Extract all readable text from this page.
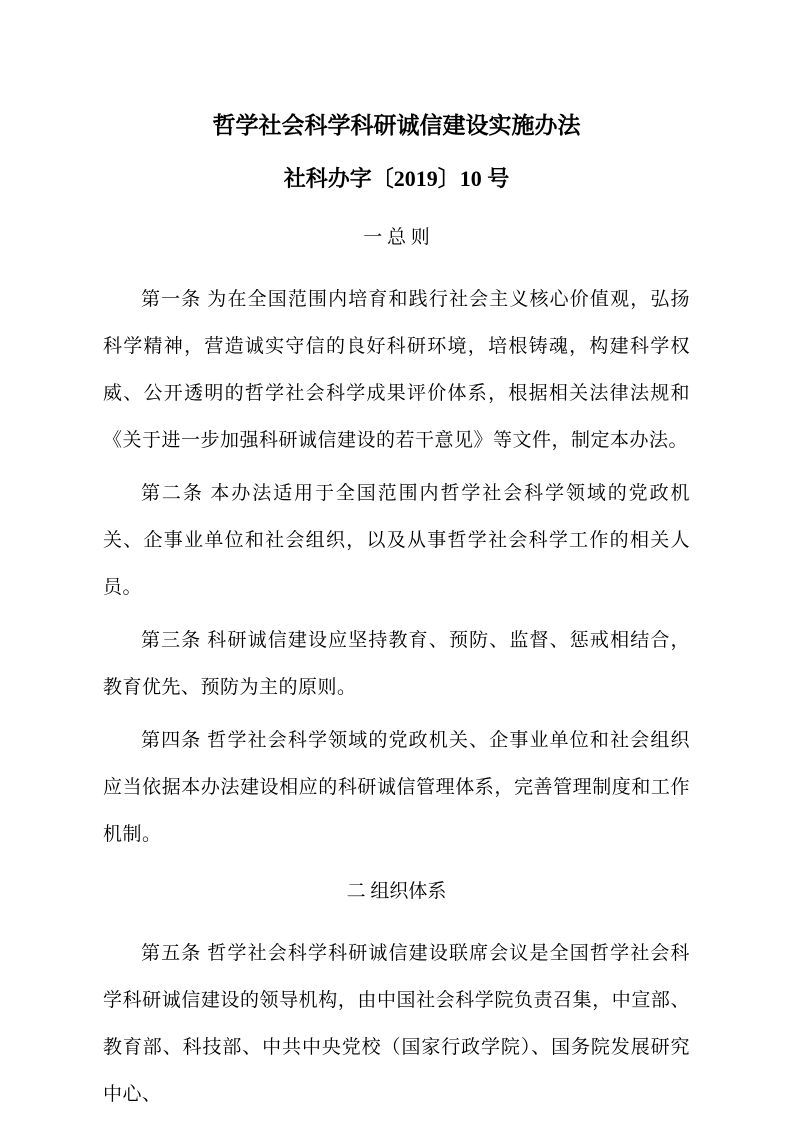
哲学社会科学科研诚信建设实施办法
社科办字〔2019〕10 号
一 总 则

第一条 为在全国范围内培育和践行社会主义核心价值观，弘扬科学精神，营造诚实守信的良好科研环境，培根铸魂，构建科学权威、公开透明的哲学社会科学成果评价体系，根据相关法律法规和《关于进一步加强科研诚信建设的若干意见》等文件，制定本办法。

第二条 本办法适用于全国范围内哲学社会科学领域的党政机关、企事业单位和社会组织，以及从事哲学社会科学工作的相关人员。

第三条 科研诚信建设应坚持教育、预防、监督、惩戒相结合，教育优先、预防为主的原则。

第四条 哲学社会科学领域的党政机关、企事业单位和社会组织应当依据本办法建设相应的科研诚信管理体系，完善管理制度和工作机制。

二 组织体系

第五条 哲学社会科学科研诚信建设联席会议是全国哲学社会科学科研诚信建设的领导机构，由中国社会科学院负责召集，中宣部、教育部、科技部、中共中央党校（国家行政学院）、国务院发展研究中心、
